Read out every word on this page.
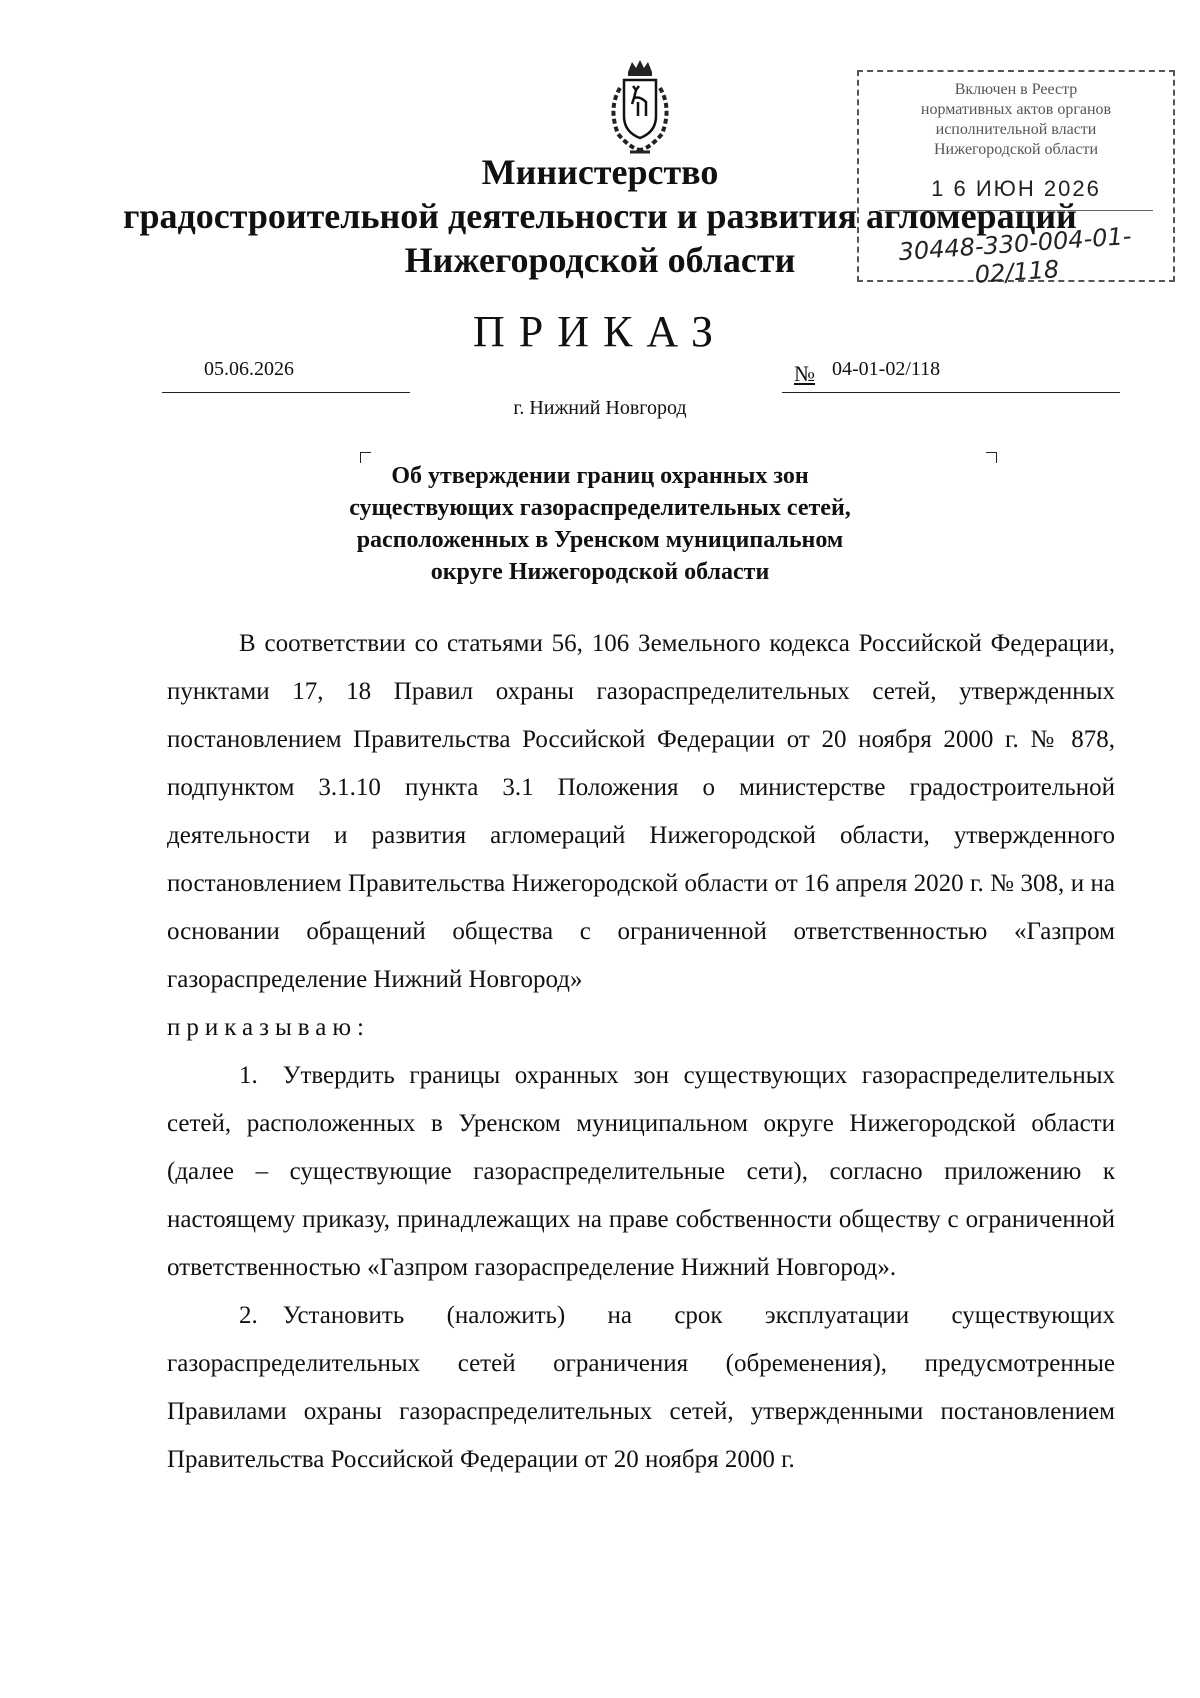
Министерство
градостроительной деятельности и развития агломераций
Нижегородской области
Включен в Реестр
нормативных актов органов
исполнительной власти
Нижегородской области
1 6 ИЮН 2026
30448-330-004-01-02/118
ПРИКАЗ
05.06.2026	№ 04-01-02/118
г. Нижний Новгород
Об утверждении границ охранных зон
существующих газораспределительных сетей,
расположенных в Уренском муниципальном
округе Нижегородской области

В соответствии со статьями 56, 106 Земельного кодекса Российской Федерации, пунктами 17, 18 Правил охраны газораспределительных сетей, утвержденных постановлением Правительства Российской Федерации от 20 ноября 2000 г. № 878, подпунктом 3.1.10 пункта 3.1 Положения о министерстве градостроительной деятельности и развития агломераций Нижегородской области, утвержденного постановлением Правительства Нижегородской области от 16 апреля 2020 г. № 308, и на основании обращений общества с ограниченной ответственностью «Газпром газораспределение Нижний Новгород»

приказываю:

1. Утвердить границы охранных зон существующих газораспределительных сетей, расположенных в Уренском муниципальном округе Нижегородской области (далее – существующие газораспределительные сети), согласно приложению к настоящему приказу, принадлежащих на праве собственности обществу с ограниченной ответственностью «Газпром газораспределение Нижний Новгород».

2. Установить (наложить) на срок эксплуатации существующих газораспределительных сетей ограничения (обременения), предусмотренные Правилами охраны газораспределительных сетей, утвержденными постановлением Правительства Российской Федерации от 20 ноября 2000 г.
